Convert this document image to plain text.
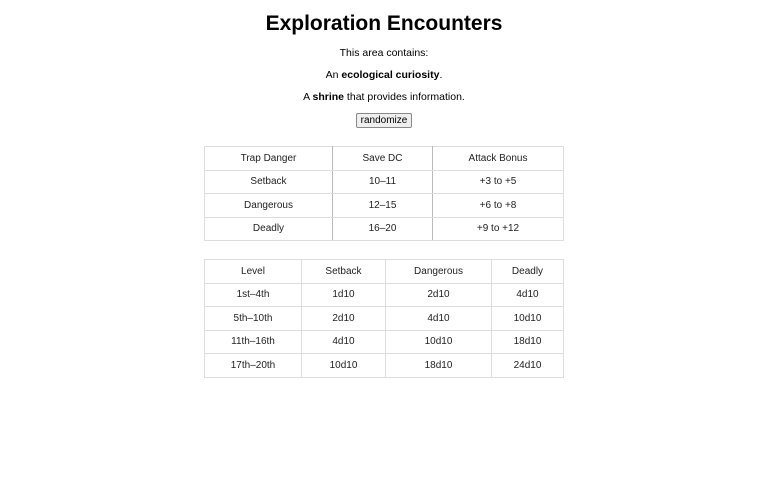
Exploration Encounters

This area contains:

An ecological curiosity.

A shrine that provides information.

randomize
Trap Danger	Save DC	Attack Bonus
Setback	10–11	+3 to +5
Dangerous	12–15	+6 to +8
Deadly	16–20	+9 to +12
Level	Setback	Dangerous	Deadly
1st–4th	1d10	2d10	4d10
5th–10th	2d10	4d10	10d10
11th–16th	4d10	10d10	18d10
17th–20th	10d10	18d10	24d10
